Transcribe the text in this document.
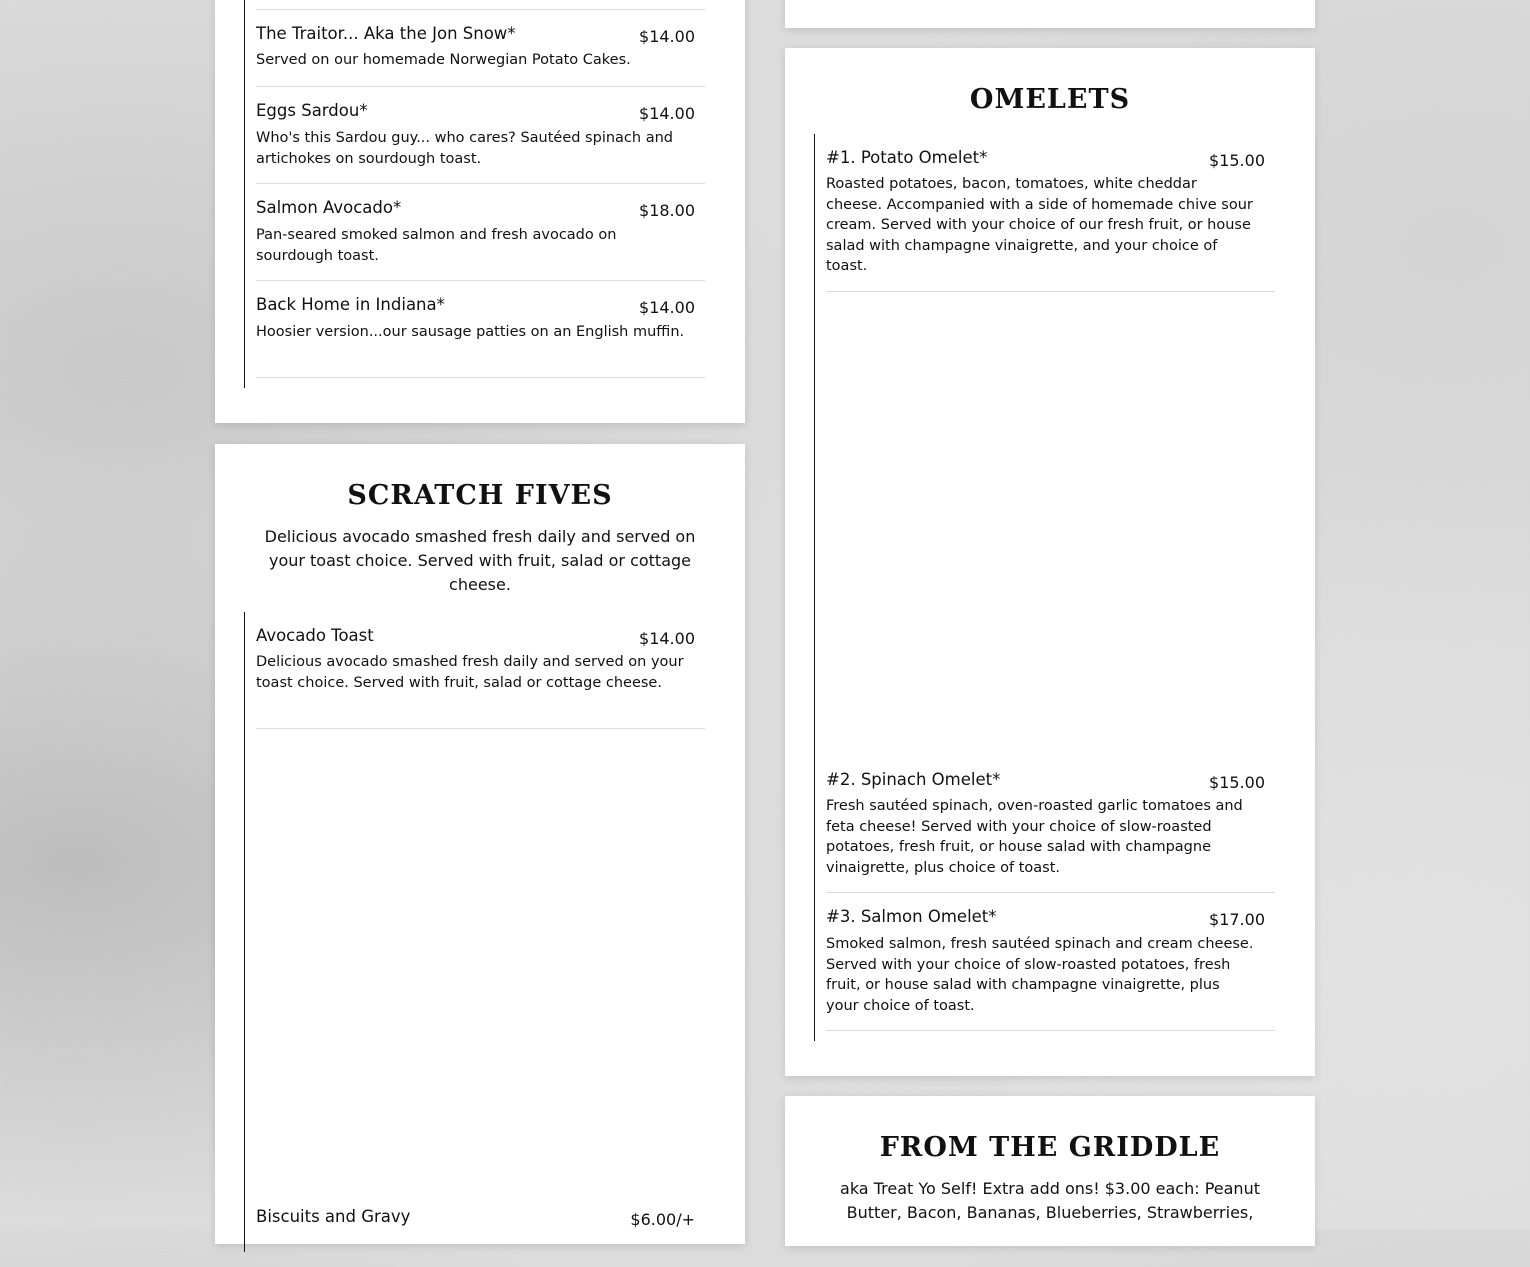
The Traitor... Aka the Jon Snow*	$14.00
Served on our homemade Norwegian Potato Cakes.
Eggs Sardou*	$14.00
Who's this Sardou guy... who cares? Sautéed spinach and artichokes on sourdough toast.
Salmon Avocado*	$18.00
Pan-seared smoked salmon and fresh avocado on sourdough toast.
Back Home in Indiana*	$14.00
Hoosier version...our sausage patties on an English muffin.
SCRATCH FIVES
Delicious avocado smashed fresh daily and served on your toast choice. Served with fruit, salad or cottage cheese.
Avocado Toast	$14.00
Delicious avocado smashed fresh daily and served on your toast choice. Served with fruit, salad or cottage cheese.
Biscuits and Gravy	$6.00/+
OMELETS
#1. Potato Omelet*	$15.00
Roasted potatoes, bacon, tomatoes, white cheddar cheese. Accompanied with a side of homemade chive sour cream. Served with your choice of our fresh fruit, or house salad with champagne vinaigrette, and your choice of toast.
#2. Spinach Omelet*	$15.00
Fresh sautéed spinach, oven-roasted garlic tomatoes and feta cheese! Served with your choice of slow-roasted potatoes, fresh fruit, or house salad with champagne vinaigrette, plus choice of toast.
#3. Salmon Omelet*	$17.00
Smoked salmon, fresh sautéed spinach and cream cheese. Served with your choice of slow-roasted potatoes, fresh fruit, or house salad with champagne vinaigrette, plus your choice of toast.
FROM THE GRIDDLE
aka Treat Yo Self! Extra add ons! $3.00 each: Peanut Butter, Bacon, Bananas, Blueberries, Strawberries,
